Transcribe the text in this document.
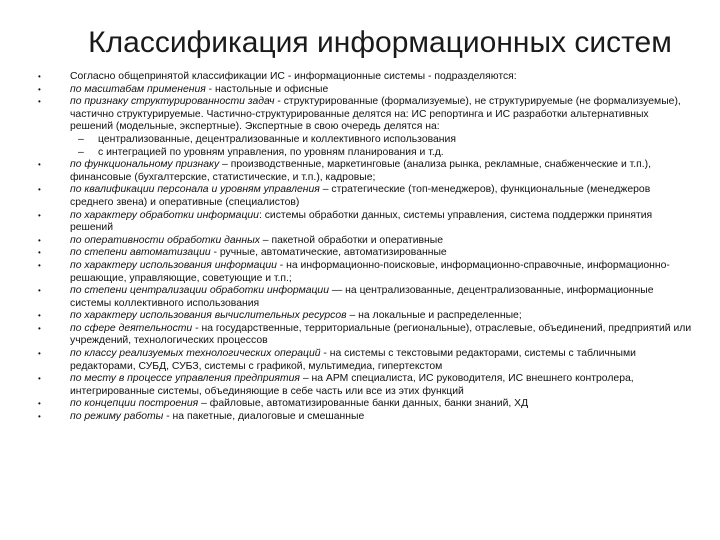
Классификация информационных систем
•	Согласно общепринятой классификации ИС - информационные системы - подразделяются:
•	по масштабам применения - настольные и офисные
•	по признаку структурированности задач - структурированные (формализуемые), не структурируемые (не формализуемые), частично структурируемые. Частично-структурированные делятся на: ИС репортинга и ИС разработки альтернативных решений (модельные, экспертные). Экспертные в свою очередь делятся на:
– централизованные, децентрализованные и коллективного использования
– с интеграцией по уровням управления, по уровням планирования и т.д.
•	по функциональному признаку – производственные, маркетинговые (анализа рынка, рекламные, снабженческие и т.п.), финансовые (бухгалтерские, статистические, и т.п.), кадровые;
•	по квалификации персонала и уровням управления – стратегические (топ-менеджеров), функциональные (менеджеров среднего звена) и оперативные (специалистов)
•	по характеру обработки информации: системы обработки данных, системы управления, система поддержки принятия решений
•	по оперативности обработки данных – пакетной обработки и оперативные
•	по степени автоматизации - ручные, автоматические, автоматизированные
•	по характеру использования информации - на информационно-поисковые, информационно-справочные, информационно-решающие, управляющие, советующие и т.п.;
•	по степени централизации обработки информации — на централизованные, децентрализованные, информационные системы коллективного использования
•	по характеру использования вычислительных ресурсов – на локальные и распределенные;
•	по сфере деятельности - на государственные, территориальные (региональные), отраслевые, объединений, предприятий или учреждений, технологических процессов
•	по классу реализуемых технологических операций - на системы с текстовыми редакторами, системы с табличными редакторами, СУБД, СУБЗ, системы с графикой, мультимедиа, гипертекстом
•	по месту в процессе управления предприятия – на АРМ специалиста, ИС руководителя, ИС внешнего контролера, интегрированные системы, объединяющие в себе часть или все из этих функций
•	по концепции построения – файловые, автоматизированные банки данных, банки знаний, ХД
•	по режиму работы - на пакетные, диалоговые и смешанные
